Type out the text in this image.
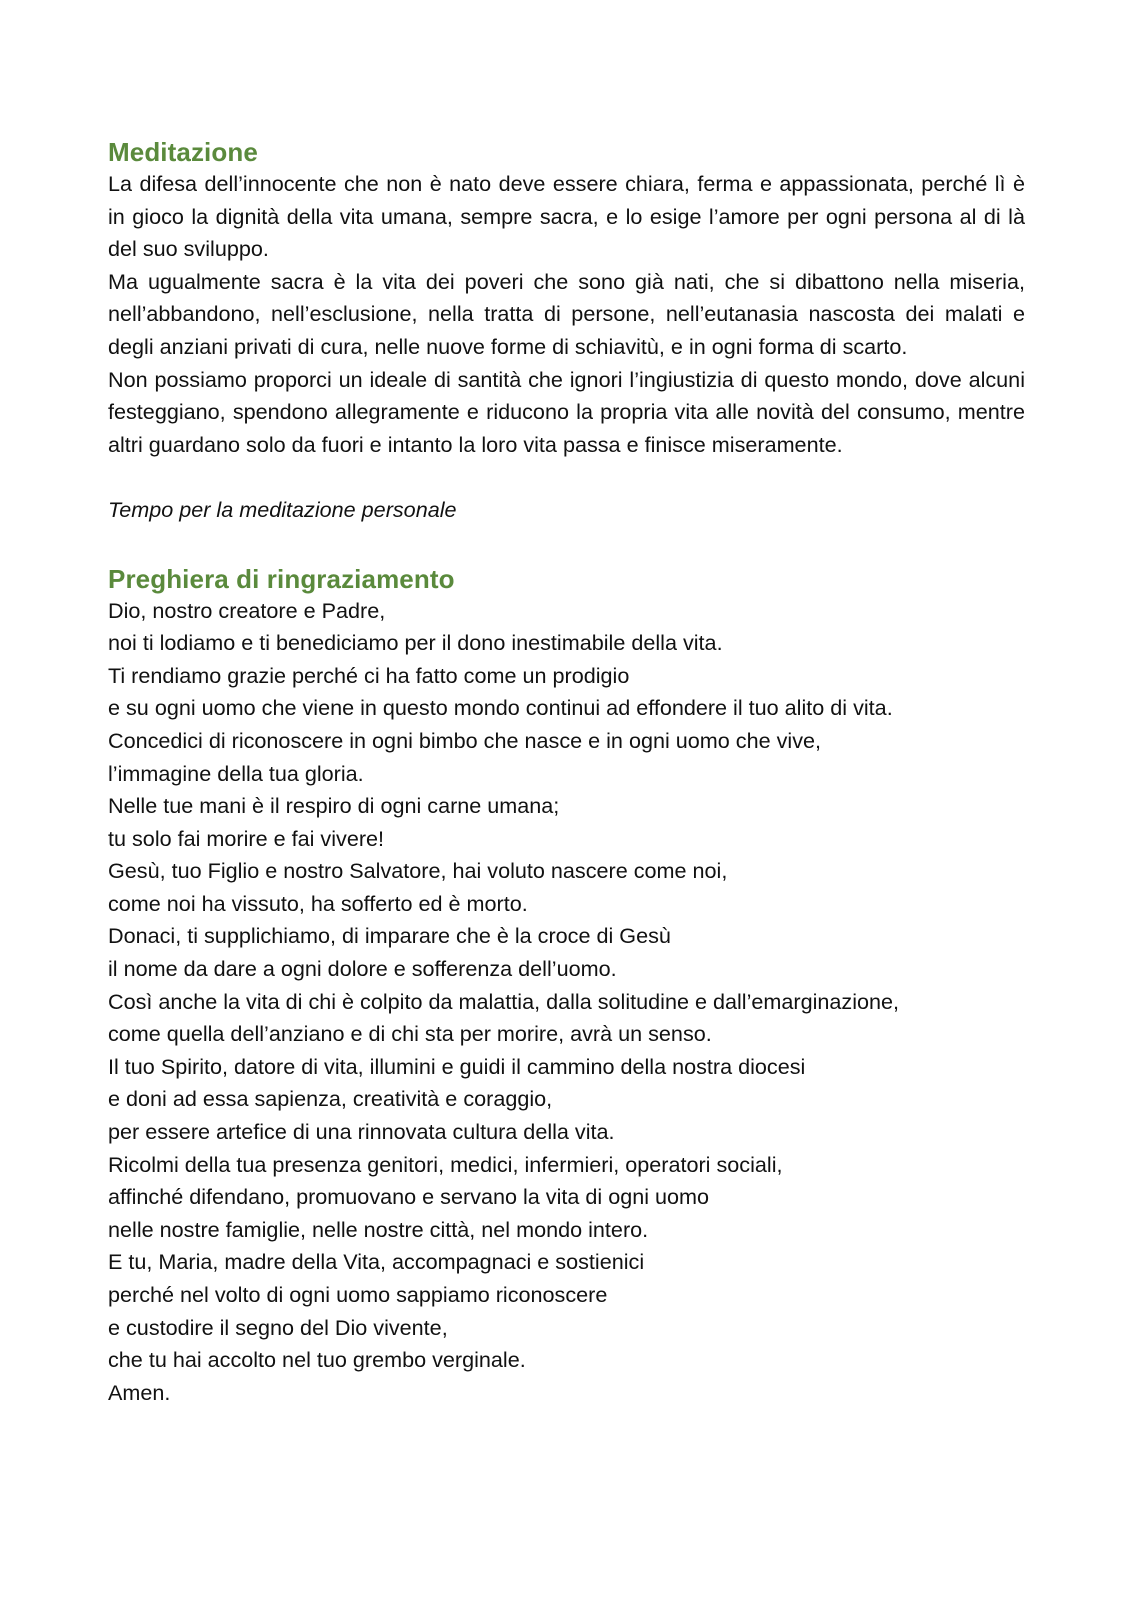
Meditazione

La difesa dell’innocente che non è nato deve essere chiara, ferma e appassionata, perché lì è in gioco la dignità della vita umana, sempre sacra, e lo esige l’amore per ogni persona al di là del suo sviluppo.

Ma ugualmente sacra è la vita dei poveri che sono già nati, che si dibattono nella miseria, nell’abbandono, nell’esclusione, nella tratta di persone, nell’eutanasia nascosta dei malati e degli anziani privati di cura, nelle nuove forme di schiavitù, e in ogni forma di scarto.

Non possiamo proporci un ideale di santità che ignori l’ingiustizia di questo mondo, dove alcuni festeggiano, spendono allegramente e riducono la propria vita alle novità del consumo, mentre altri guardano solo da fuori e intanto la loro vita passa e finisce miseramente.

Tempo per la meditazione personale

Preghiera di ringraziamento

Dio, nostro creatore e Padre,

noi ti lodiamo e ti benediciamo per il dono inestimabile della vita.

Ti rendiamo grazie perché ci ha fatto come un prodigio

e su ogni uomo che viene in questo mondo continui ad effondere il tuo alito di vita.

Concedici di riconoscere in ogni bimbo che nasce e in ogni uomo che vive,

l’immagine della tua gloria.

Nelle tue mani è il respiro di ogni carne umana;

tu solo fai morire e fai vivere!

Gesù, tuo Figlio e nostro Salvatore, hai voluto nascere come noi,

come noi ha vissuto, ha sofferto ed è morto.

Donaci, ti supplichiamo, di imparare che è la croce di Gesù

il nome da dare a ogni dolore e sofferenza dell’uomo.

Così anche la vita di chi è colpito da malattia, dalla solitudine e dall’emarginazione,

come quella dell’anziano e di chi sta per morire, avrà un senso.

Il tuo Spirito, datore di vita, illumini e guidi il cammino della nostra diocesi

e doni ad essa sapienza, creatività e coraggio,

per essere artefice di una rinnovata cultura della vita.

Ricolmi della tua presenza genitori, medici, infermieri, operatori sociali,

affinché difendano, promuovano e servano la vita di ogni uomo

nelle nostre famiglie, nelle nostre città, nel mondo intero.

E tu, Maria, madre della Vita, accompagnaci e sostienici

perché nel volto di ogni uomo sappiamo riconoscere

e custodire il segno del Dio vivente,

che tu hai accolto nel tuo grembo verginale.

Amen.
